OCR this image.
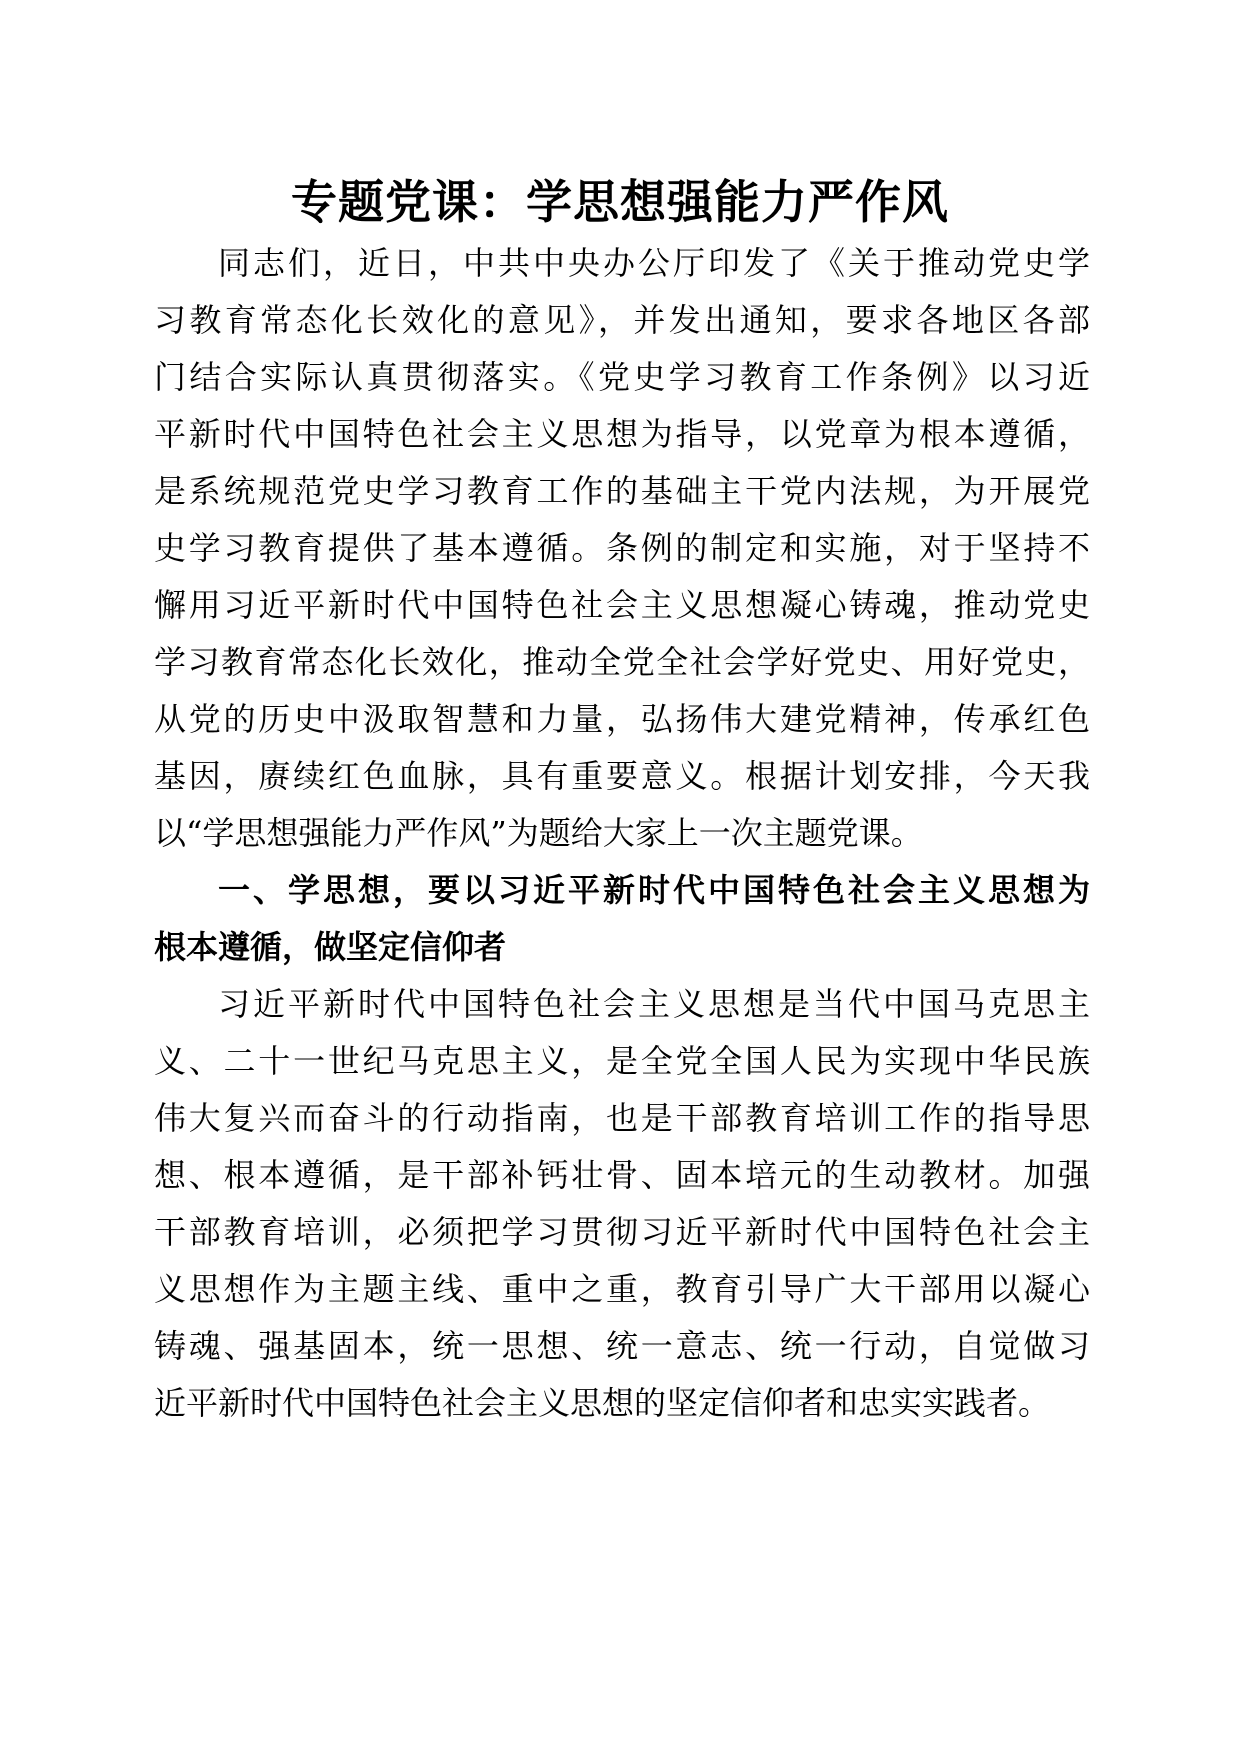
专题党课：学思想强能力严作风
同志们，近日，中共中央办公厅印发了《关于推动党史学
习教育常态化长效化的意见》，并发出通知，要求各地区各部
门结合实际认真贯彻落实。《党史学习教育工作条例》以习近
平新时代中国特色社会主义思想为指导，以党章为根本遵循，
是系统规范党史学习教育工作的基础主干党内法规，为开展党
史学习教育提供了基本遵循。条例的制定和实施，对于坚持不
懈用习近平新时代中国特色社会主义思想凝心铸魂，推动党史
学习教育常态化长效化，推动全党全社会学好党史、用好党史，
从党的历史中汲取智慧和力量，弘扬伟大建党精神，传承红色
基因，赓续红色血脉，具有重要意义。根据计划安排，今天我
以“学思想强能力严作风”为题给大家上一次主题党课。
一、学思想，要以习近平新时代中国特色社会主义思想为
根本遵循，做坚定信仰者
习近平新时代中国特色社会主义思想是当代中国马克思主
义、二十一世纪马克思主义，是全党全国人民为实现中华民族
伟大复兴而奋斗的行动指南，也是干部教育培训工作的指导思
想、根本遵循，是干部补钙壮骨、固本培元的生动教材。加强
干部教育培训，必须把学习贯彻习近平新时代中国特色社会主
义思想作为主题主线、重中之重，教育引导广大干部用以凝心
铸魂、强基固本，统一思想、统一意志、统一行动，自觉做习
近平新时代中国特色社会主义思想的坚定信仰者和忠实实践者。
